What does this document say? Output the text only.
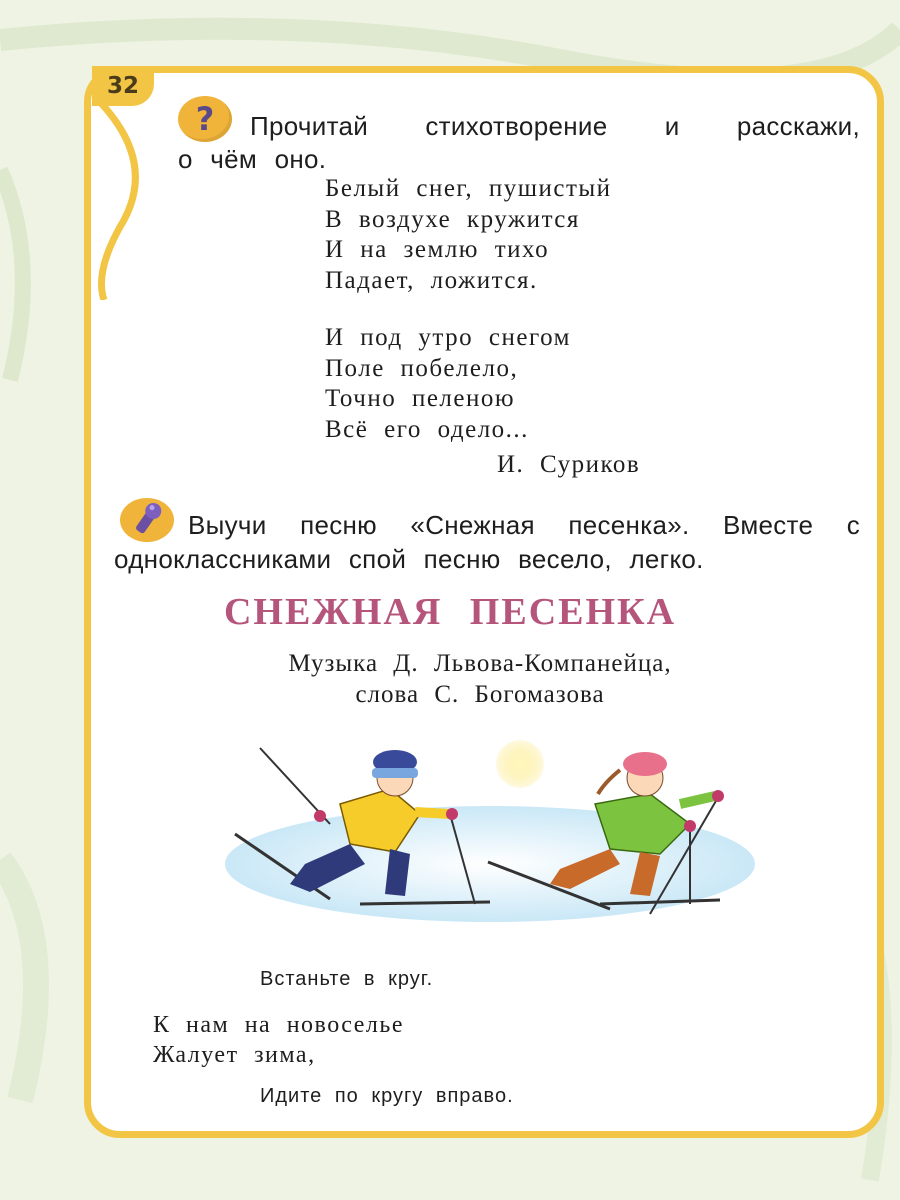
32
? Прочитай стихотворение и расскажи,
о чём оно.
Белый снег, пушистый
В воздухе кружится
И на землю тихо
Падает, ложится.
И под утро снегом
Поле побелело,
Точно пеленою
Всё его одело...
И. Суриков
Выучи песню «Снежная песенка». Вместе с
одноклассниками спой песню весело, легко.
СНЕЖНАЯ ПЕСЕНКА
Музыка Д. Львова-Компанейца,
слова С. Богомазова
Встаньте в круг.
К нам на новоселье
Жалует зима,
Идите по кругу вправо.
